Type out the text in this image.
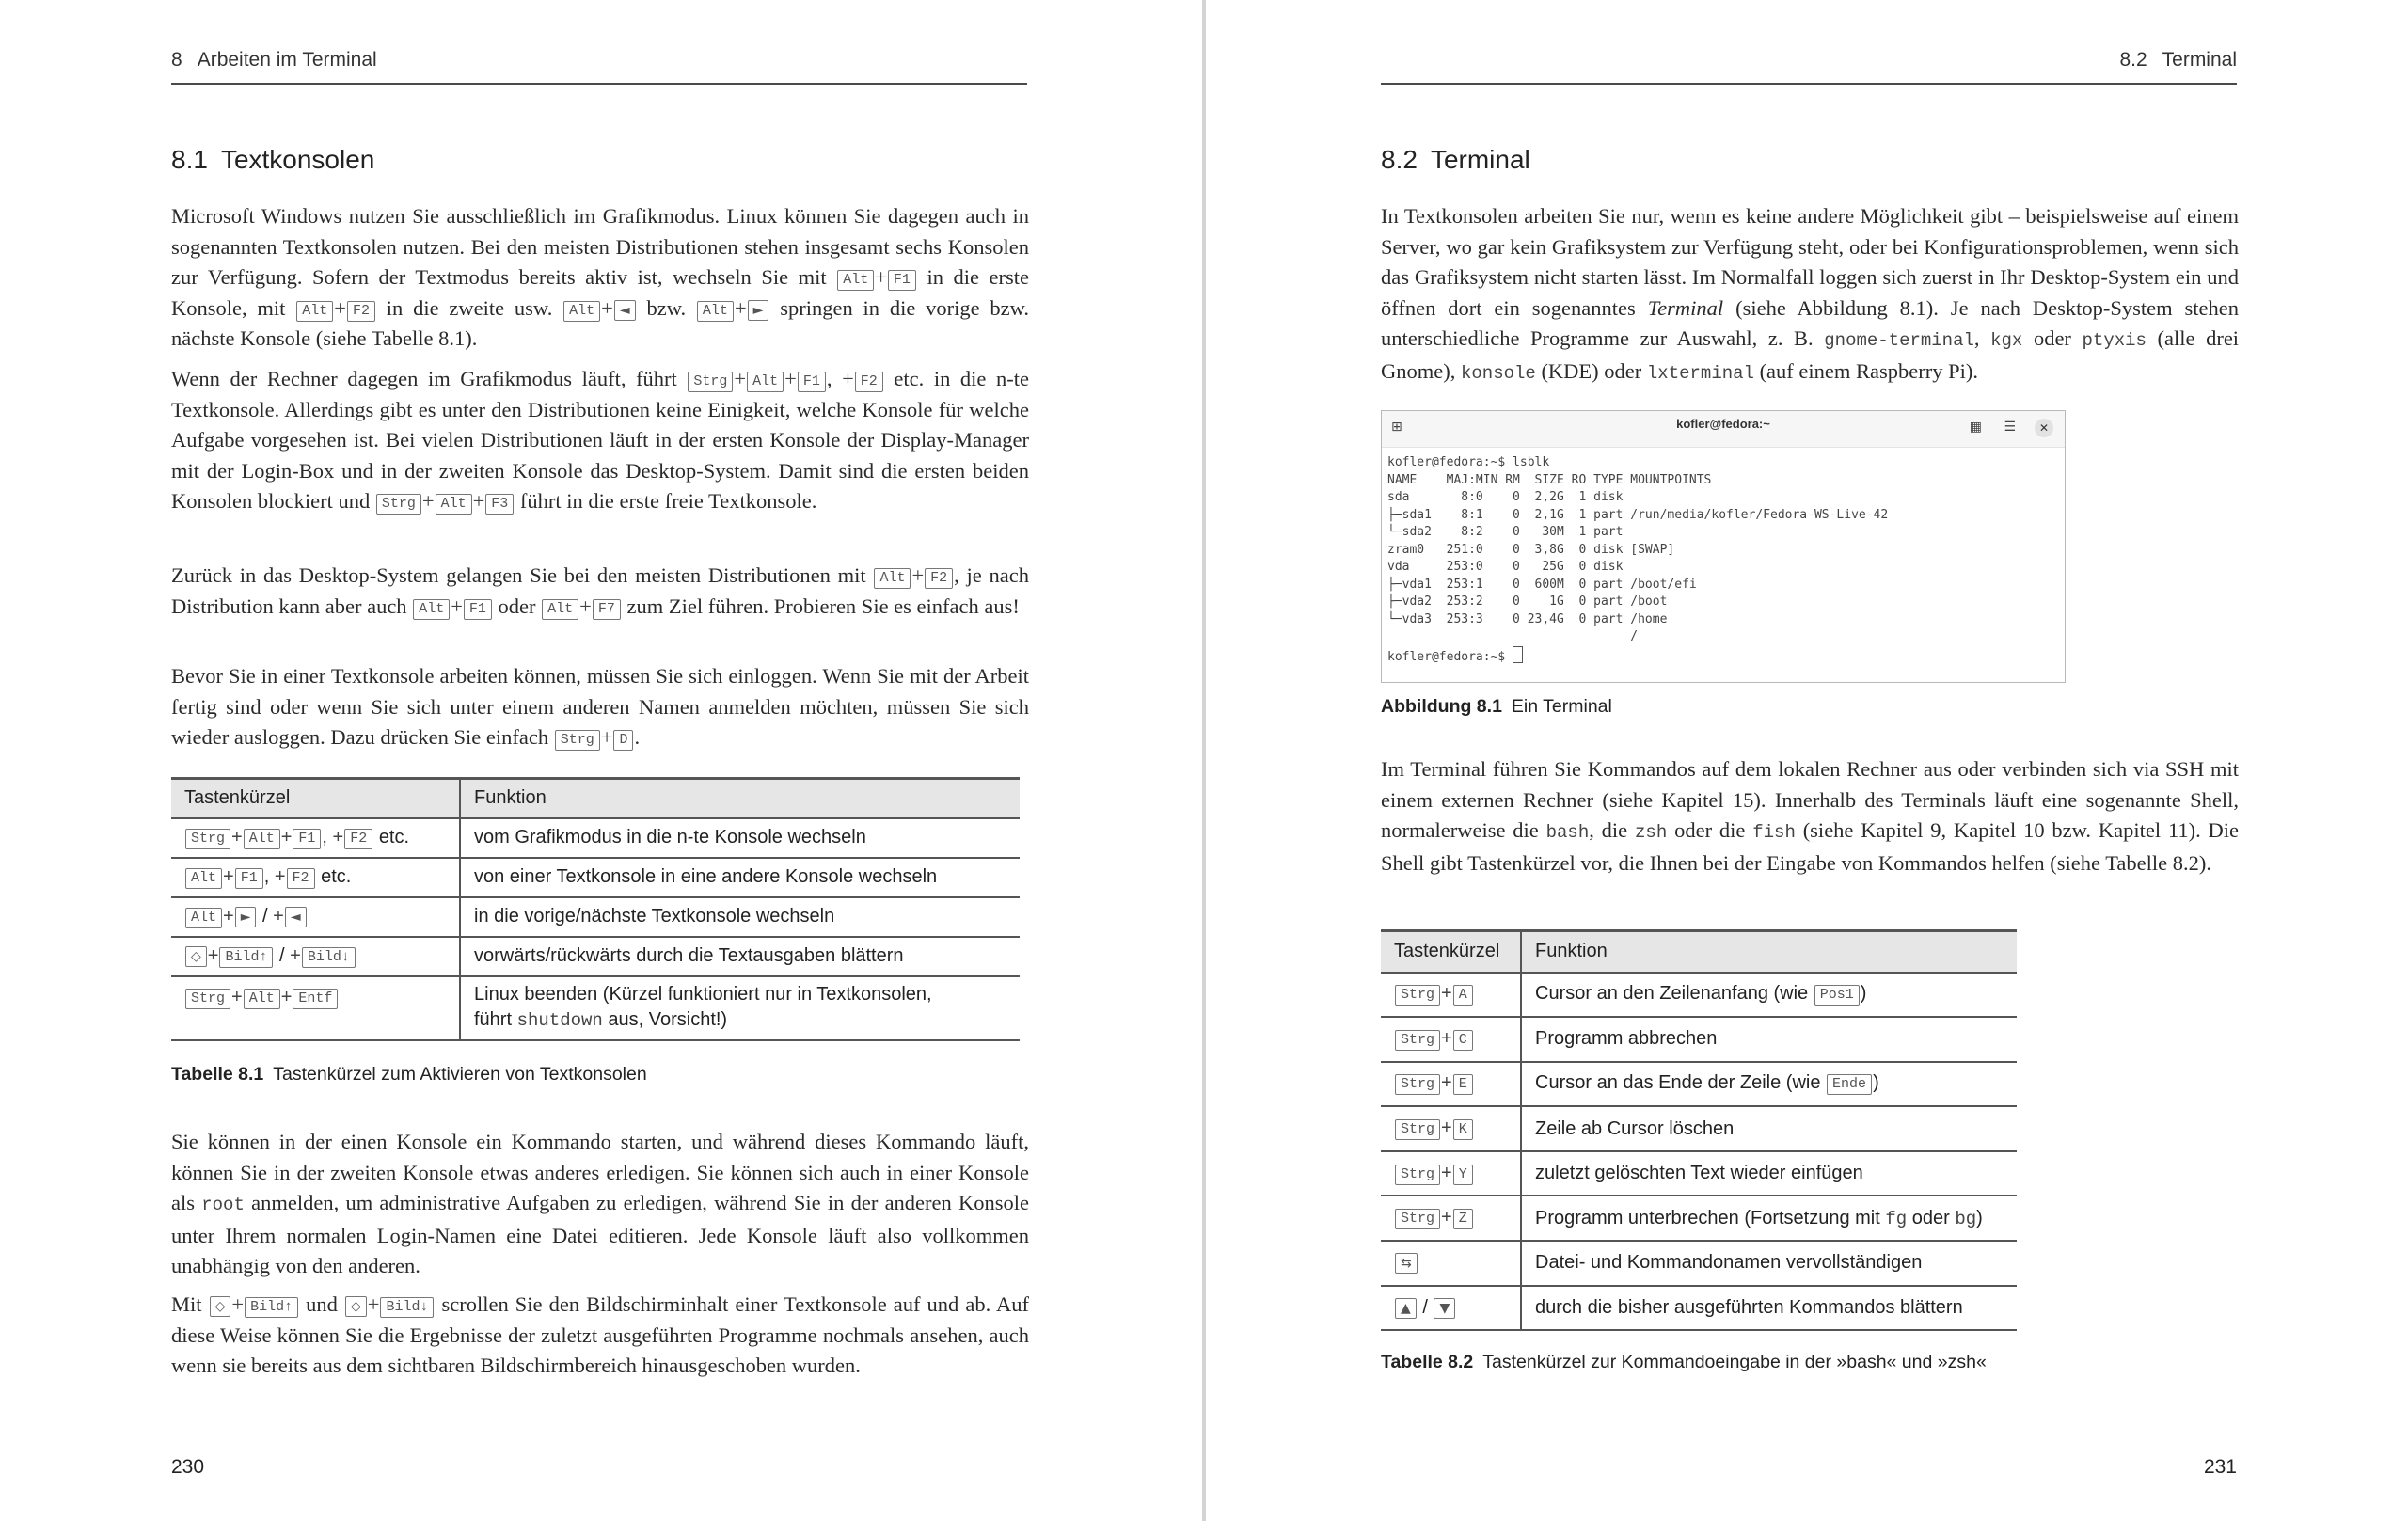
8 Arbeiten im Terminal
8.1 Textkonsolen

Microsoft Windows nutzen Sie ausschließlich im Grafikmodus. Linux können Sie dagegen auch in sogenannten Textkonsolen nutzen. Bei den meisten Distributionen stehen insgesamt sechs Konsolen zur Verfügung. Sofern der Textmodus bereits aktiv ist, wechseln Sie mit Alt + F1 in die erste Konsole, mit Alt + F2 in die zweite usw. Alt + ◄ bzw. Alt + ► springen in die vorige bzw. nächste Konsole (siehe Tabelle 8.1).

Wenn der Rechner dagegen im Grafikmodus läuft, führt Strg + Alt + F1 , + F2 etc. in die n-te Textkonsole. Allerdings gibt es unter den Distributionen keine Einigkeit, welche Konsole für welche Aufgabe vorgesehen ist. Bei vielen Distributionen läuft in der ersten Konsole der Display-Manager mit der Login-Box und in der zweiten Konsole das Desktop-System. Damit sind die ersten beiden Konsolen blockiert und Strg + Alt + F3 führt in die erste freie Textkonsole.

Zurück in das Desktop-System gelangen Sie bei den meisten Distributionen mit Alt + F2 , je nach Distribution kann aber auch Alt + F1 oder Alt + F7 zum Ziel führen. Probieren Sie es einfach aus!

Bevor Sie in einer Textkonsole arbeiten können, müssen Sie sich einloggen. Wenn Sie mit der Arbeit fertig sind oder wenn Sie sich unter einem anderen Namen anmelden möchten, müssen Sie sich wieder ausloggen. Dazu drücken Sie einfach Strg + D .

Tastenkürzel	Funktion
Strg + Alt + F1 , + F2 etc.	vom Grafikmodus in die n-te Konsole wechseln
Alt + F1 , + F2 etc.	von einer Textkonsole in eine andere Konsole wechseln
Alt + ► / + ◄	in die vorige/nächste Textkonsole wechseln
◇ + Bild↑ / + Bild↓	vorwärts/rückwärts durch die Textausgaben blättern
Strg + Alt + Entf	Linux beenden (Kürzel funktioniert nur in Textkonsolen,
führt shutdown aus, Vorsicht!)
Tabelle 8.1 Tastenkürzel zum Aktivieren von Textkonsolen

Sie können in der einen Konsole ein Kommando starten, und während dieses Kommando läuft, können Sie in der zweiten Konsole etwas anderes erledigen. Sie können sich auch in einer Konsole als root anmelden, um administrative Aufgaben zu erledigen, während Sie in der anderen Konsole unter Ihrem normalen Login-Namen eine Datei editieren. Jede Konsole läuft also vollkommen unabhängig von den anderen.

Mit ◇ + Bild↑ und ◇ + Bild↓ scrollen Sie den Bildschirminhalt einer Textkonsole auf und ab. Auf diese Weise können Sie die Ergebnisse der zuletzt ausgeführten Programme nochmals ansehen, auch wenn sie bereits aus dem sichtbaren Bildschirmbereich hinausgeschoben wurden.

230
8.2 Terminal
8.2 Terminal

In Textkonsolen arbeiten Sie nur, wenn es keine andere Möglichkeit gibt – beispielsweise auf einem Server, wo gar kein Grafiksystem zur Verfügung steht, oder bei Konfigurationsproblemen, wenn sich das Grafiksystem nicht starten lässt. Im Normalfall loggen sich zuerst in Ihr Desktop-System ein und öffnen dort ein sogenanntes Terminal (siehe Abbildung 8.1). Je nach Desktop-System stehen unterschiedliche Programme zur Auswahl, z. B. gnome-terminal, kgx oder ptyxis (alle drei Gnome), konsole (KDE) oder lxterminal (auf einem Raspberry Pi).

⊞	kofler@fedora:~	▦ ☰	✕
kofler@fedora:~$ lsblk
NAME    MAJ:MIN RM  SIZE RO TYPE MOUNTPOINTS
sda       8:0    0  2,2G  1 disk
├─sda1    8:1    0  2,1G  1 part /run/media/kofler/Fedora-WS-Live-42
└─sda2    8:2    0   30M  1 part
zram0   251:0    0  3,8G  0 disk [SWAP]
vda     253:0    0   25G  0 disk
├─vda1  253:1    0  600M  0 part /boot/efi
├─vda2  253:2    0    1G  0 part /boot
└─vda3  253:3    0 23,4G  0 part /home
/
kofler@fedora:~$
Abbildung 8.1 Ein Terminal

Im Terminal führen Sie Kommandos auf dem lokalen Rechner aus oder verbinden sich via SSH mit einem externen Rechner (siehe Kapitel 15). Innerhalb des Terminals läuft eine sogenannte Shell, normalerweise die bash, die zsh oder die fish (siehe Kapitel 9, Kapitel 10 bzw. Kapitel 11). Die Shell gibt Tastenkürzel vor, die Ihnen bei der Eingabe von Kommandos helfen (siehe Tabelle 8.2).

Tastenkürzel	Funktion
Strg + A	Cursor an den Zeilenanfang (wie Pos1 )
Strg + C	Programm abbrechen
Strg + E	Cursor an das Ende der Zeile (wie Ende )
Strg + K	Zeile ab Cursor löschen
Strg + Y	zuletzt gelöschten Text wieder einfügen
Strg + Z	Programm unterbrechen (Fortsetzung mit fg oder bg)
⇆	Datei- und Kommandonamen vervollständigen
▲ / ▼	durch die bisher ausgeführten Kommandos blättern
Tabelle 8.2 Tastenkürzel zur Kommandoeingabe in der »bash« und »zsh«
231
